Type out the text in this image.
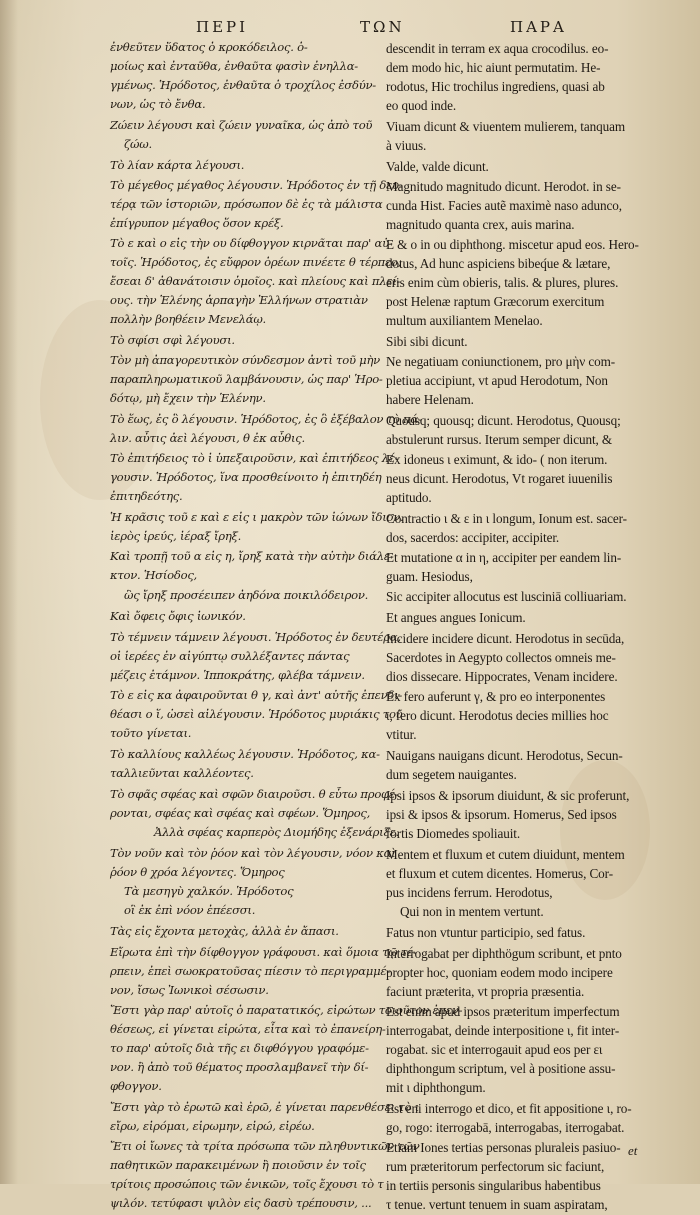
ΠΕΡΙ	ΤΩΝ	ΠΑΡΑ
ἐνθεῦτεν ὕδατος ὁ κροκόδειλος. ὁ-
μοίως καὶ ἐνταῦθα, ἐνθαῦτα φασὶν ἐνηλλα-
γμένως. Ἡρόδοτος, ἐνθαῦτα ὁ τροχίλος ἐσδύν-
νων, ὡς τὸ ἔνθα.
Ζώειν λέγουσι καὶ ζώειν γυναῖκα, ὡς ἀπὸ τοῦ
ζώω.
Τὸ λίαν κάρτα λέγουσι.
Τὸ μέγεθος μέγαθος λέγουσιν. Ἡρόδοτος ἐν τῇ δευ-
τέρᾳ τῶν ἱστοριῶν, πρόσωπον δὲ ἐς τὰ μάλιστα
ἐπίγρυπον μέγαθος ὅσον κρέξ.
Τὸ ε καὶ ο εἰς τὴν ου δίφθογγον κιρνᾶται παρ' αὐ-
τοῖς. Ἡρόδοτος, ἐς εὔφρον ὁρέων πινέετε θ τέρπεο,
ἔσεαι δ' ἀθανάτοισιν ὁμοῖος. καὶ πλείους καὶ πλεί-
ους. τὴν Ἑλένης ἁρπαγὴν Ἑλλήνων στρατιὰν
πολλὴν βοηθέειν Μενελάῳ.
Τὸ σφίσι σφὶ λέγουσι.
Τὸν μὴ ἀπαγορευτικὸν σύνδεσμον ἀντὶ τοῦ μὴν
παραπληρωματικοῦ λαμβάνουσιν, ὡς παρ' Ἡρο-
δότῳ, μὴ ἔχειν τὴν Ἑλένην.
Τὸ ἕως, ἐς ὃ λέγουσιν. Ἡρόδοτος, ἐς ὃ ἐξέβαλον τὸ πά-
λιν. αὖτις ἀεὶ λέγουσι, θ ἐκ αὖθις.
Τὸ ἐπιτήδειος τὸ ἱ ὑπεξαιροῦσιν, καὶ ἐπιτήδεος λέ-
γουσιν. Ἡρόδοτος, ἵνα προσθείνοιτο ἡ ἐπιτηδέη
ἐπιτηδεότης.
Ἡ κρᾶσις τοῦ ε καὶ ε εἰς ι μακρὸν τῶν ἰώνων ἴδιον.
ἱερὸς ἱρεύς, ἱέραξ ἴρηξ.
Καὶ τροπῇ τοῦ α εἰς η, ἴρηξ κατὰ τὴν αὐτὴν διάλε-
κτον. Ἡσίοδος,
ὣς ἴρηξ προσέειπεν ἀηδόνα ποικιλόδειρον.
Καὶ ὄφεις ὄφις ἰωνικόν.
Τὸ τέμνειν τάμνειν λέγουσι. Ἡρόδοτος ἐν δευτέρᾳ,
οἱ ἱερέες ἐν αἰγύπτῳ συλλέξαντες πάντας
μέζεις ἐτάμνον. Ἱπποκράτης, φλέβα τάμνειν.
Τὸ ε εἰς κα ἀφαιροῦνται θ γ, καὶ ἀντ' αὐτῆς ἐπενδι-
θέασι ο ἵ, ὡσεὶ αἰλέγουσιν. Ἡρόδοτος μυριάκις τοῦ
τοῦτο γίνεται.
Τὸ καλλίους καλλέως λέγουσιν. Ἡρόδοτος, κα-
ταλλιεῦνται καλλέοντες.
Τὸ σφᾶς σφέας καὶ σφῶν διαιροῦσι. θ εὗτω προφέ-
ρονται, σφέας καὶ σφέας καὶ σφέων. Ὅμηρος,
Ἀλλὰ σφέας καρπερὸς Διομήδης ἐξενάριξε.
Τὸν νοῦν καὶ τὸν ῥόον καὶ τὸν λέγουσιν, νόον καὶ
ῥόον θ χρόα λέγοντες. Ὅμηρος
Τὰ μεσηγὺ χαλκόν. Ἡρόδοτος
οἳ ἐκ ἐπὶ νόον ἐπέεσσι.
Τὰς εἰς ἔχοντα μετοχὰς, ἀλλὰ ἐν ἄπασι.
Εἴρωτα ἐπὶ τὴν δίφθογγον γράφουσι. καὶ ὅμοια τῷ τέ-
ρπειν, ἐπεὶ σωοκρατοῦσας πίεσιν τὸ περιγραμμέ-
νον, ἴσως Ἰωνικοὶ σέσωσιν.
Ἔστι γὰρ παρ' αὐτοῖς ὁ παρατατικός, εἰρώτων τοιοῦτον ἐπεν-
θέσεως, εἰ γίνεται εἰρώτα, εἶτα καὶ τὸ ἐπανείρη-
το παρ' αὐτοῖς διὰ τῆς ει διφθόγγου γραφόμε-
νον. ἢ ἀπὸ τοῦ θέματος προσλαμβανεῖ τὴν δί-
φθογγον.
Ἔστι γὰρ τὸ ἐρωτῶ καὶ ἐρῶ, ἐ γίνεται παρενθέσει τὸ ι
εἴρω, εἰρόμαι, εἰρωμην, εἰρώ, εἰρέω.
Ἔτι οἱ ἴωνες τὰ τρίτα πρόσωπα τῶν πληθυντικῶν τῶν
παθητικῶν παρακειμένων ἢ ποιοῦσιν ἐν τοῖς
τρίτοις προσώποις τῶν ἑνικῶν, τοῖς ἔχουσι τὸ τ
ψιλόν. τετύφασι ψιλὸν εἰς δασὺ τρέπουσιν, ...
descendit in terram ex aqua crocodilus. eo-
dem modo hic, hic aiunt permutatim. He-
rodotus, Hic trochilus ingrediens, quasi ab
eo quod inde.
Viuam dicunt & viuentem mulierem, tanquam
à viuus.
Valde, valde dicunt.
Magnitudo magnitudo dicunt. Herodot. in se-
cunda Hist. Facies autẽ maximè naso adunco,
magnitudo quanta crex, auis marina.
E & o in ou diphthong. miscetur apud eos. Hero-
dotus, Ad hunc aspiciens bibeq́ue & lætare,
eris enim cùm obieris, talis. & plures, plures.
post Helenæ raptum Græcorum exercitum
multum auxiliantem Menelao.
Sibi sibi dicunt.
Ne negatiuam coniunctionem, pro μὴν com-
pletiua accipiunt, vt apud Herodotum, Non
habere Helenam.
Quousq; quousq; dicunt. Herodotus, Quousq;
abstulerunt rursus. Iterum semper dicunt, &
Ex idoneus ι eximunt, & ido- ( non iterum.
neus dicunt. Herodotus, Vt rogaret iuuenilis
aptitudo.
Contractio ι & ε in ι longum, Ionum est. sacer-
dos, sacerdos: accipiter, accipiter.
Et mutatione α in η, accipiter per eandem lin-
guam. Hesiodus,
Sic accipiter allocutus est lusciniā colliuariam.
Et angues angues Ionicum.
Incidere incidere dicunt. Herodotus in secūda,
Sacerdotes in Aegypto collectos omneis me-
dios dissecare. Hippocrates, Venam incidere.
Ex fero auferunt γ, & pro eo interponentes
ι, fero dicunt. Herodotus decies millies hoc
vtitur.
Nauigans nauigans dicunt. Herodotus, Secun-
dum segetem nauigantes.
Ipsi ipsos & ipsorum diuidunt, & sic proferunt,
ipsi & ipsos & ipsorum. Homerus, Sed ipsos
fortis Diomedes spoliauit.
Mentem et fluxum et cutem diuidunt, mentem
et fluxum et cutem dicentes. Homerus, Cor-
pus incidens ferrum. Herodotus,
Qui non in mentem vertunt.
Fatus non vtuntur participio, sed fatus.
Interrogabat per diphthögum scribunt, et pnto
propter hoc, quoniam eodem modo incipere
faciunt præterita, vt propria præsentia.
Est enim apud ipsos præteritum imperfectum
interrogabat, deinde interpositione ι, fit inter-
rogabat. sic et interrogauit apud eos per ει
diphthongum scriptum, vel à positione assu-
mit ι diphthongum.
Est eni interrogo et dico, et fit appositione ι, ro-
go, rogo: iterrogabā, interrogabas, iterrogabat.
Etiam Iones tertias personas pluraleis pasiuo-
rum præteritorum perfectorum sic faciunt,
in tertiis personis singularibus habentibus
τ tenue. vertunt tenuem in suam aspiratam,
et
